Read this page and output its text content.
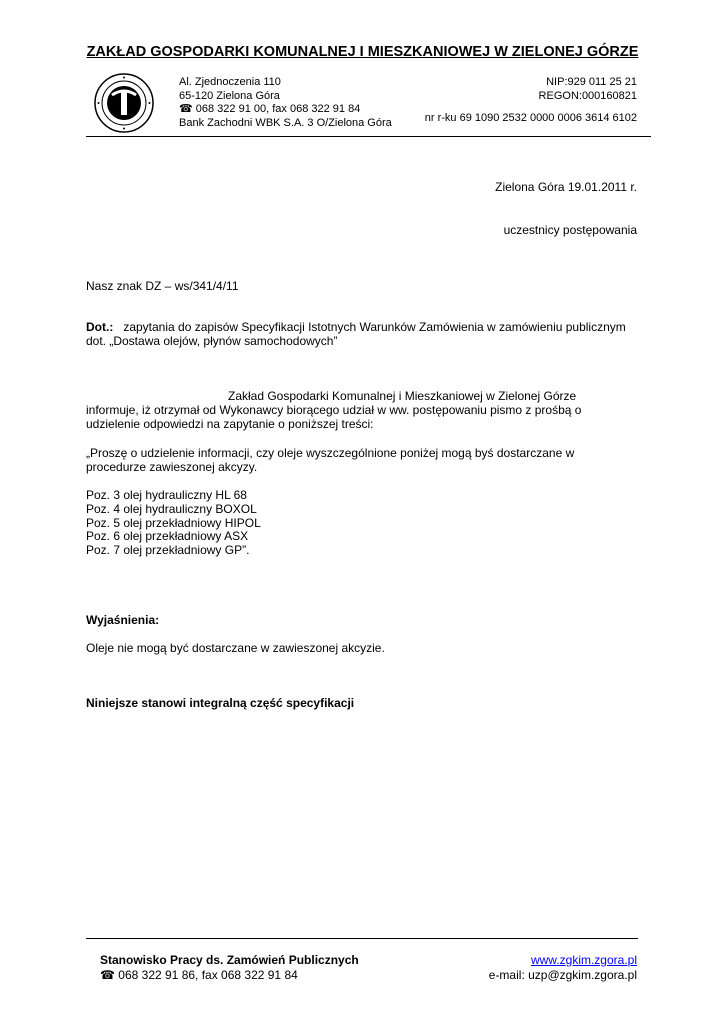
ZAKŁAD GOSPODARKI KOMUNALNEJ I MIESZKANIOWEJ W ZIELONEJ GÓRZE
Al. Zjednoczenia 110
65-120 Zielona Góra
☎ 068 322 91 00, fax 068 322 91 84
Bank Zachodni WBK S.A. 3 O/Zielona Góra
NIP:929 011 25 21
REGON:000160821
nr r-ku 69 1090 2532 0000 0006 3614 6102
Zielona Góra 19.01.2011 r.
uczestnicy postępowania
Nasz znak DZ – ws/341/4/11
Dot.: zapytania do zapisów Specyfikacji Istotnych Warunków Zamówienia w zamówieniu publicznym
dot. „Dostawa olejów, płynów samochodowych”
Zakład Gospodarki Komunalnej i Mieszkaniowej w Zielonej Górze
informuje, iż otrzymał od Wykonawcy biorącego udział w ww. postępowaniu pismo z prośbą o
udzielenie odpowiedzi na zapytanie o poniższej treści:
„Proszę o udzielenie informacji, czy oleje wyszczególnione poniżej mogą byś dostarczane w
procedurze zawieszonej akcyzy.
Poz. 3 olej hydrauliczny HL 68
Poz. 4 olej hydrauliczny BOXOL
Poz. 5 olej przekładniowy HIPOL
Poz. 6 olej przekładniowy ASX
Poz. 7 olej przekładniowy GP”.
Wyjaśnienia:
Oleje nie mogą być dostarczane w zawieszonej akcyzie.
Niniejsze stanowi integralną część specyfikacji
Stanowisko Pracy ds. Zamówień Publicznych
☎ 068 322 91 86, fax 068 322 91 84
www.zgkim.zgora.pl
e-mail: uzp@zgkim.zgora.pl
